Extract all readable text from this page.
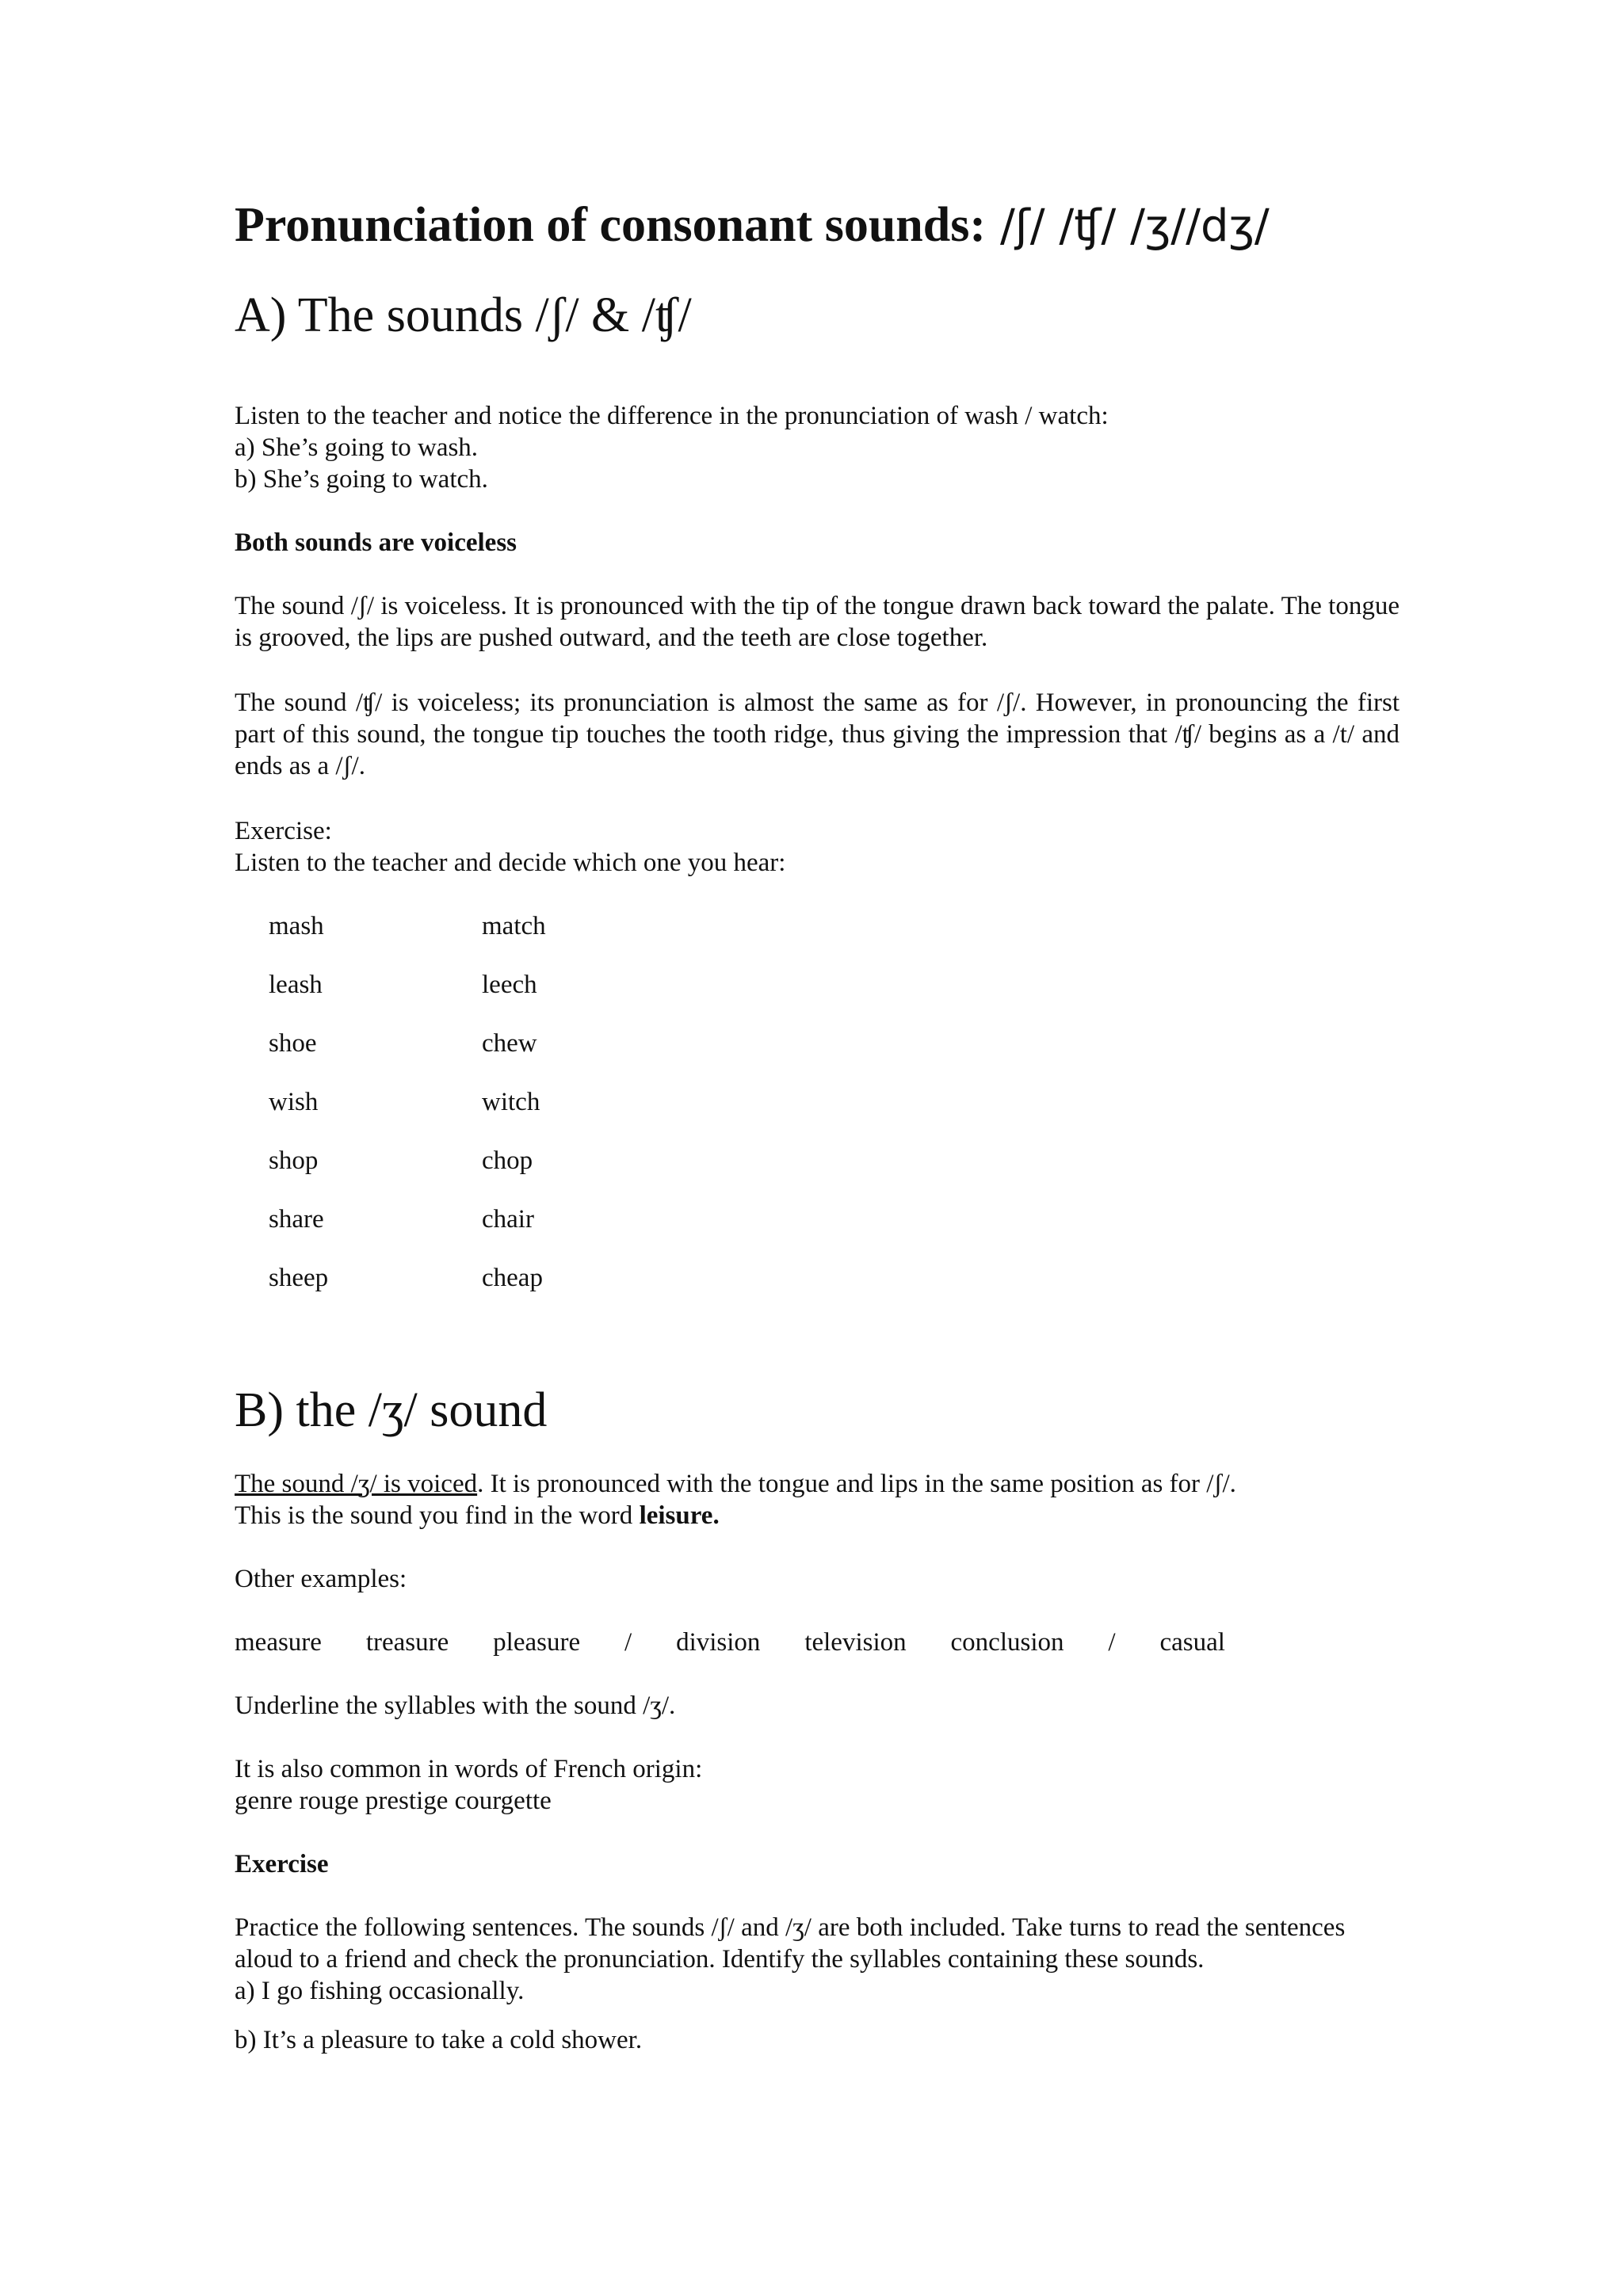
Pronunciation of consonant sounds: /ʃ/ /ʧ/ /ʒ//dʒ/
A) The sounds /ʃ/ & /ʧ/
Listen to the teacher and notice the difference in the pronunciation of wash / watch:
a) She’s going to wash.
b) She’s going to watch.
Both sounds are voiceless
The sound /ʃ/ is voiceless. It is pronounced with the tip of the tongue drawn back toward the palate. The tongue is grooved, the lips are pushed outward, and the teeth are close together.
The sound /ʧ/ is voiceless; its pronunciation is almost the same as for /ʃ/. However, in pronouncing the first part of this sound, the tongue tip touches the tooth ridge, thus giving the impression that /ʧ/ begins as a /t/ and ends as a /ʃ/.
Exercise:
Listen to the teacher and decide which one you hear:
mash	match
leash	leech
shoe	chew
wish	witch
shop	chop
share	chair
sheep	cheap
B) the /ʒ/ sound
The sound /ʒ/ is voiced. It is pronounced with the tongue and lips in the same position as for /ʃ/.
This is the sound you find in the word leisure.
Other examples:
measure treasure pleasure / division television conclusion / casual
Underline the syllables with the sound /ʒ/.
It is also common in words of French origin:
genre rouge prestige courgette
Exercise
Practice the following sentences. The sounds /ʃ/ and /ʒ/ are both included. Take turns to read the sentences aloud to a friend and check the pronunciation. Identify the syllables containing these sounds.
a) I go fishing occasionally.
b) It’s a pleasure to take a cold shower.
